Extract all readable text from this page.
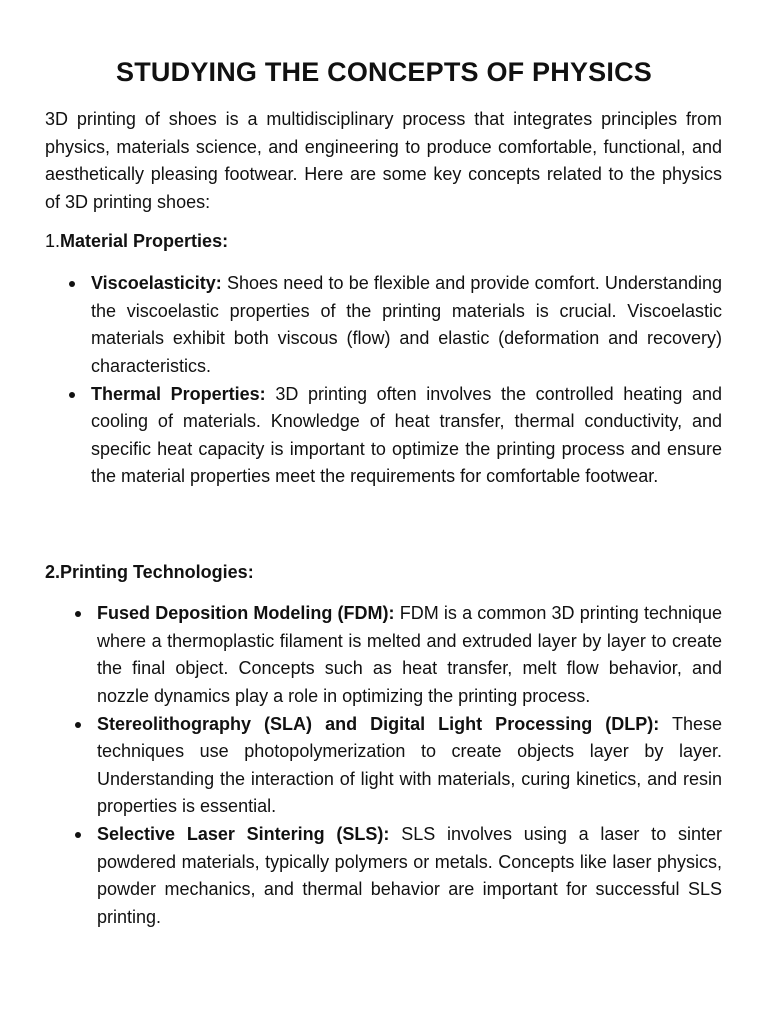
STUDYING THE CONCEPTS OF PHYSICS

3D printing of shoes is a multidisciplinary process that integrates principles from physics, materials science, and engineering to produce comfortable, functional, and aesthetically pleasing footwear. Here are some key concepts related to the physics of 3D printing shoes:

1.Material Properties:

Viscoelasticity: Shoes need to be flexible and provide comfort. Understanding the viscoelastic properties of the printing materials is crucial. Viscoelastic materials exhibit both viscous (flow) and elastic (deformation and recovery) characteristics.
Thermal Properties: 3D printing often involves the controlled heating and cooling of materials. Knowledge of heat transfer, thermal conductivity, and specific heat capacity is important to optimize the printing process and ensure the material properties meet the requirements for comfortable footwear.

2.Printing Technologies:

Fused Deposition Modeling (FDM): FDM is a common 3D printing technique where a thermoplastic filament is melted and extruded layer by layer to create the final object. Concepts such as heat transfer, melt flow behavior, and nozzle dynamics play a role in optimizing the printing process.
Stereolithography (SLA) and Digital Light Processing (DLP): These techniques use photopolymerization to create objects layer by layer. Understanding the interaction of light with materials, curing kinetics, and resin properties is essential.
Selective Laser Sintering (SLS): SLS involves using a laser to sinter powdered materials, typically polymers or metals. Concepts like laser physics, powder mechanics, and thermal behavior are important for successful SLS printing.
